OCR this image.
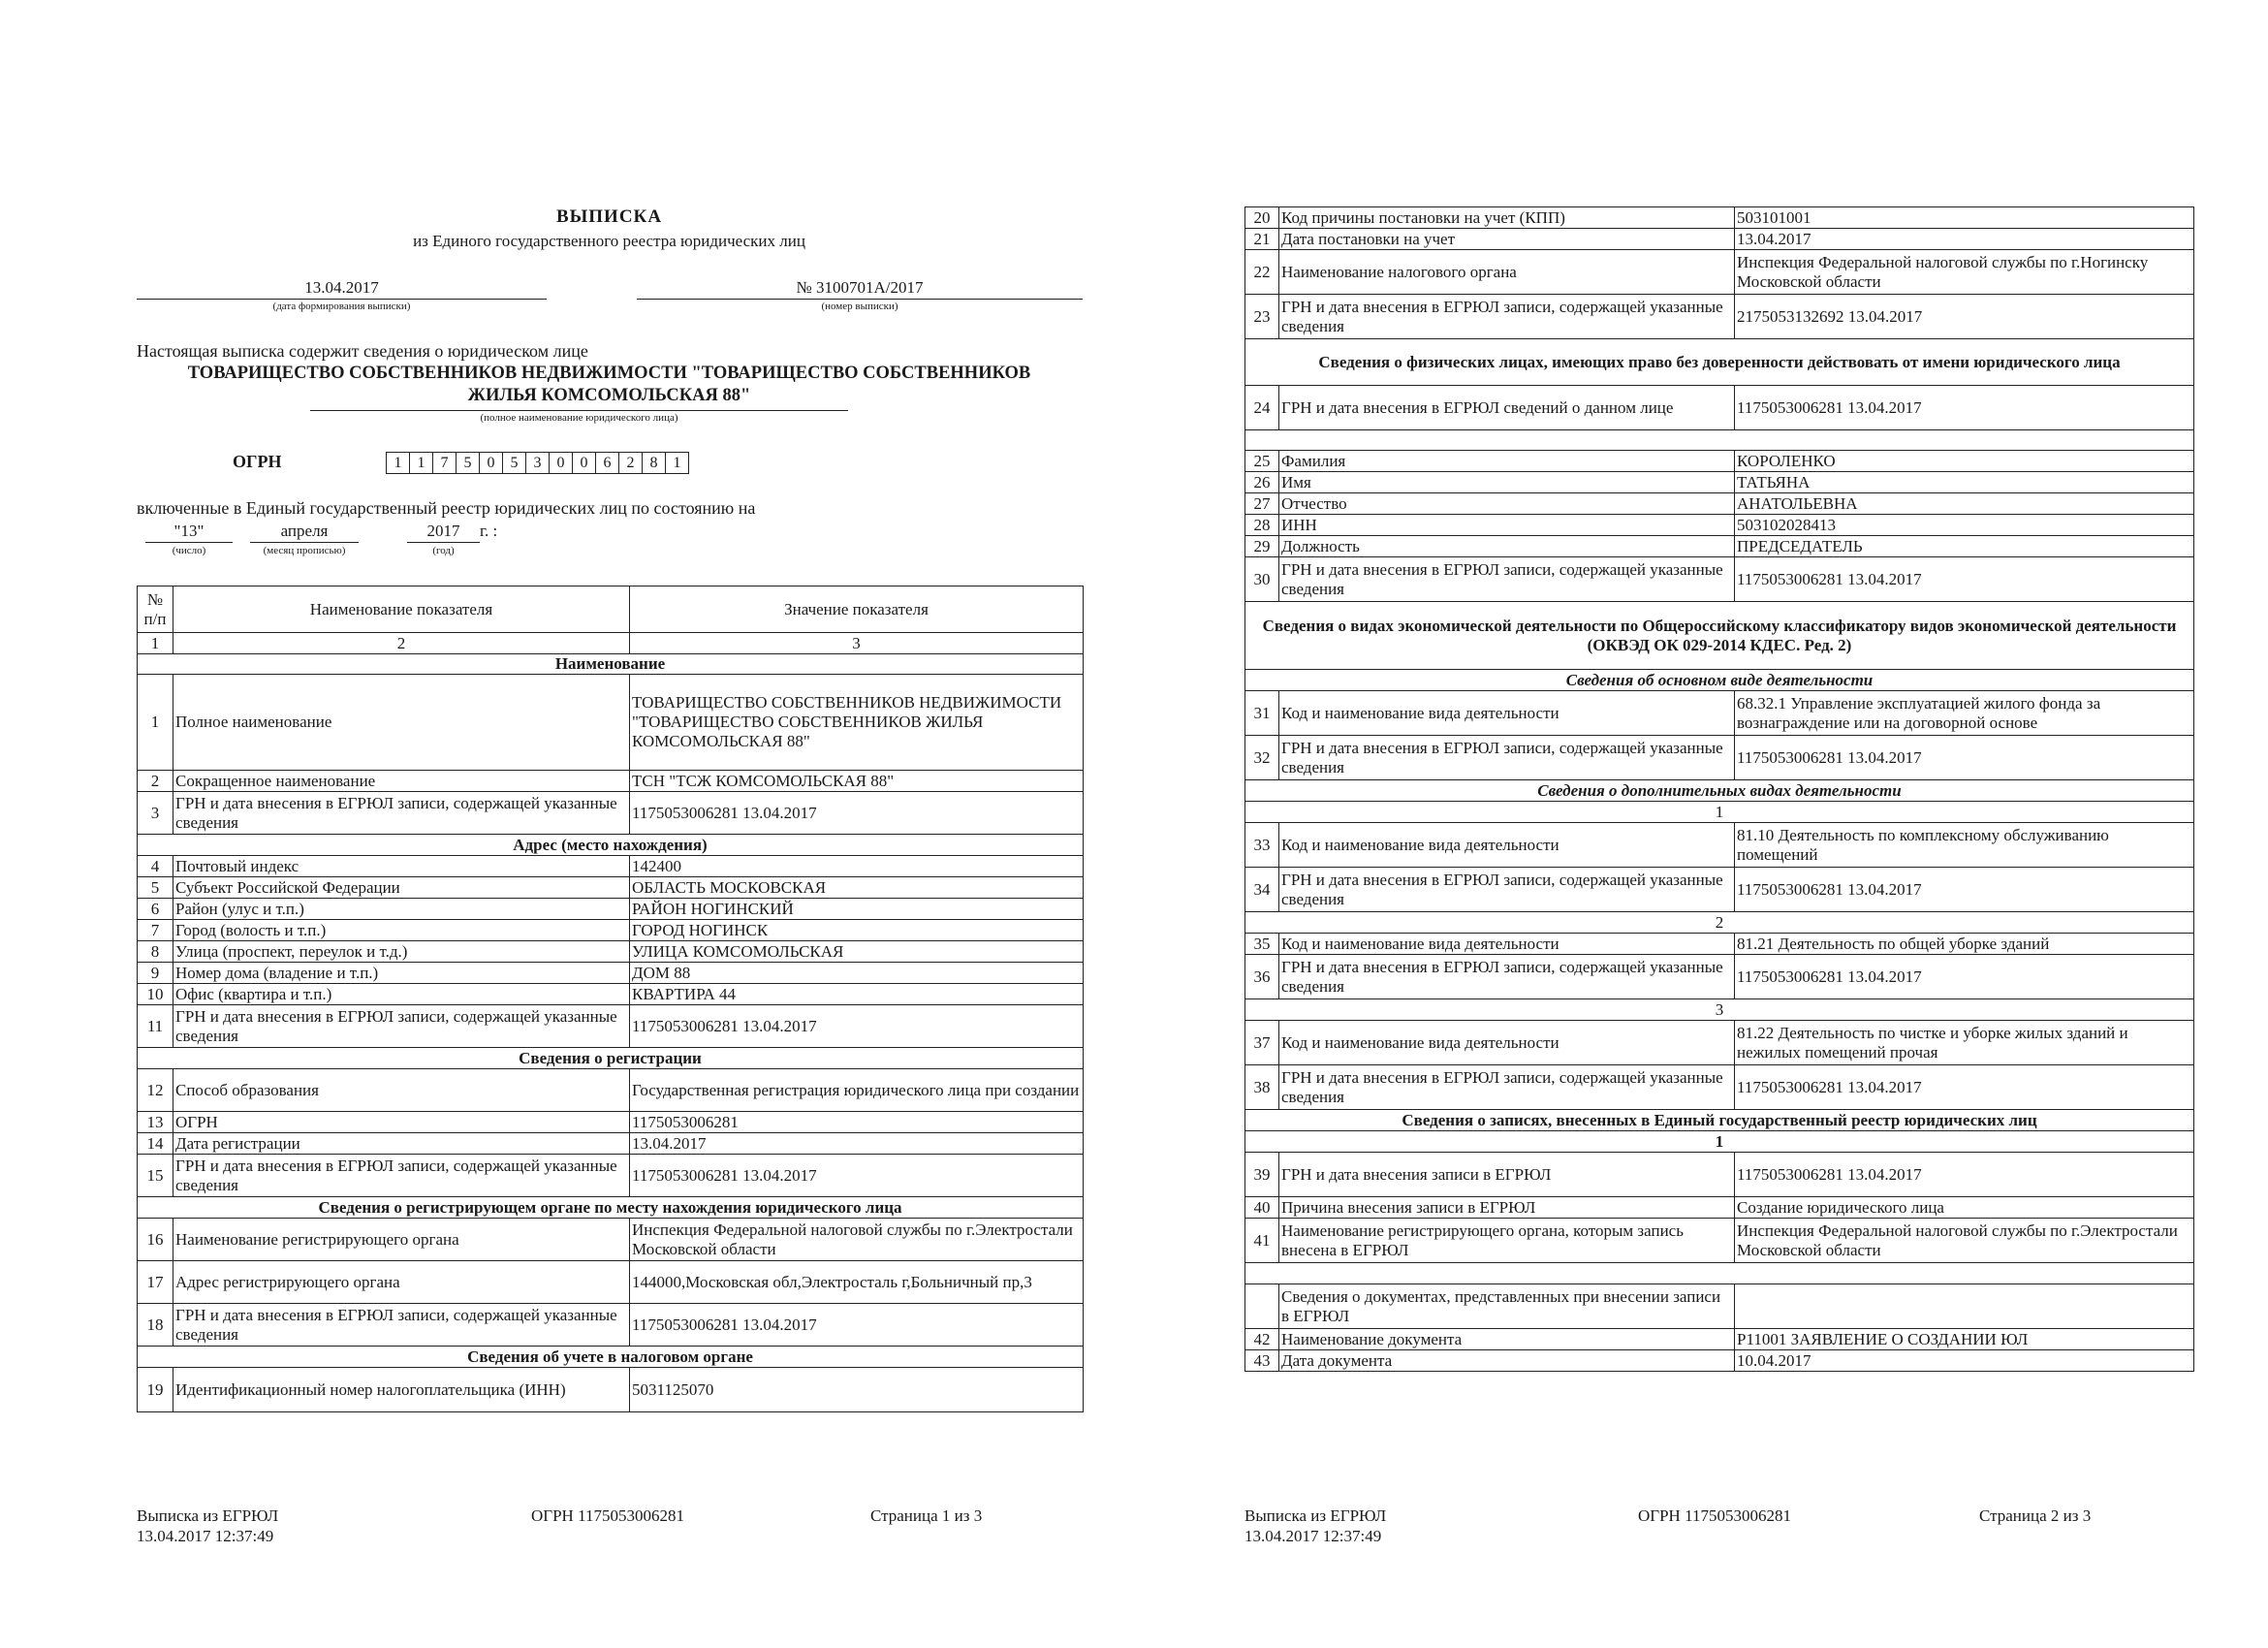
ВЫПИСКА
из Единого государственного реестра юридических лиц
13.04.2017
(дата формирования выписки)
№ 3100701А/2017
(номер выписки)
Настоящая выписка содержит сведения о юридическом лице
ТОВАРИЩЕСТВО СОБСТВЕННИКОВ НЕДВИЖИМОСТИ "ТОВАРИЩЕСТВО СОБСТВЕННИКОВ
ЖИЛЬЯ КОМСОМОЛЬСКАЯ 88"
(полное наименование юридического лица)
ОГРН	1	1	7	5	0	5	3	0	0	6	2	8	1
включенные в Единый государственный реестр юридических лиц по состоянию на
"13"
(число)
апреля
(месяц прописью)
2017	г. :
(год)
№ п/п	Наименование показателя	Значение показателя
1	2	3
Наименование		
1	Полное наименование	ТОВАРИЩЕСТВО СОБСТВЕННИКОВ НЕДВИЖИМОСТИ "ТОВАРИЩЕСТВО СОБСТВЕННИКОВ ЖИЛЬЯ КОМСОМОЛЬСКАЯ 88"
2	Сокращенное наименование	ТСН "ТСЖ КОМСОМОЛЬСКАЯ 88"
3	ГРН и дата внесения в ЕГРЮЛ записи, содержащей указанные сведения	1175053006281 13.04.2017
Адрес (место нахождения)		
4	Почтовый индекс	142400
5	Субъект Российской Федерации	ОБЛАСТЬ МОСКОВСКАЯ
6	Район (улус и т.п.)	РАЙОН НОГИНСКИЙ
7	Город (волость и т.п.)	ГОРОД НОГИНСК
8	Улица (проспект, переулок и т.д.)	УЛИЦА КОМСОМОЛЬСКАЯ
9	Номер дома (владение и т.п.)	ДОМ 88
10	Офис (квартира и т.п.)	КВАРТИРА 44
11	ГРН и дата внесения в ЕГРЮЛ записи, содержащей указанные сведения	1175053006281 13.04.2017
Сведения о регистрации		
12	Способ образования	Государственная регистрация юридического лица при создании
13	ОГРН	1175053006281
14	Дата регистрации	13.04.2017
15	ГРН и дата внесения в ЕГРЮЛ записи, содержащей указанные сведения	1175053006281 13.04.2017
Сведения о регистрирующем органе по месту нахождения юридического лица		
16	Наименование регистрирующего органа	Инспекция Федеральной налоговой службы по г.Электростали Московской области
17	Адрес регистрирующего органа	144000,Московская обл,Электросталь г,Больничный пр,3
18	ГРН и дата внесения в ЕГРЮЛ записи, содержащей указанные сведения	1175053006281 13.04.2017
Сведения об учете в налоговом органе		
19	Идентификационный номер налогоплательщика (ИНН)	5031125070
Выписка из ЕГРЮЛ
13.04.2017 12:37:49
ОГРН 1175053006281	Страница 1 из 3
20	Код причины постановки на учет (КПП)	503101001
21	Дата постановки на учет	13.04.2017
22	Наименование налогового органа	Инспекция Федеральной налоговой службы по г.Ногинску Московской области
23	ГРН и дата внесения в ЕГРЮЛ записи, содержащей указанные сведения	2175053132692 13.04.2017
Сведения о физических лицах, имеющих право без доверенности действовать от имени юридического лица		
24	ГРН и дата внесения в ЕГРЮЛ сведений о данном лице	1175053006281 13.04.2017

25	Фамилия	КОРОЛЕНКО
26	Имя	ТАТЬЯНА
27	Отчество	АНАТОЛЬЕВНА
28	ИНН	503102028413
29	Должность	ПРЕДСЕДАТЕЛЬ
30	ГРН и дата внесения в ЕГРЮЛ записи, содержащей указанные сведения	1175053006281 13.04.2017

Сведения о видах экономической деятельности по Общероссийскому классификатору видов экономической деятельности
(ОКВЭД ОК 029-2014 КДЕС. Ред. 2)		

Сведения об основном виде деятельности		
31	Код и наименование вида деятельности	68.32.1 Управление эксплуатацией жилого фонда за вознаграждение или на договорной основе
32	ГРН и дата внесения в ЕГРЮЛ записи, содержащей указанные сведения	1175053006281 13.04.2017
Сведения о дополнительных видах деятельности		
1		
33	Код и наименование вида деятельности	81.10 Деятельность по комплексному обслуживанию помещений
34	ГРН и дата внесения в ЕГРЮЛ записи, содержащей указанные сведения	1175053006281 13.04.2017
2		
35	Код и наименование вида деятельности	81.21 Деятельность по общей уборке зданий
36	ГРН и дата внесения в ЕГРЮЛ записи, содержащей указанные сведения	1175053006281 13.04.2017
3		
37	Код и наименование вида деятельности	81.22 Деятельность по чистке и уборке жилых зданий и нежилых помещений прочая
38	ГРН и дата внесения в ЕГРЮЛ записи, содержащей указанные сведения	1175053006281 13.04.2017
Сведения о записях, внесенных в Единый государственный реестр юридических лиц		
1		
39	ГРН и дата внесения записи в ЕГРЮЛ	1175053006281 13.04.2017
40	Причина внесения записи в ЕГРЮЛ	Создание юридического лица
41	Наименование регистрирующего органа, которым запись внесена в ЕГРЮЛ	Инспекция Федеральной налоговой службы по г.Электростали Московской области

	Сведения о документах, представленных при внесении записи в ЕГРЮЛ	
42	Наименование документа	Р11001 ЗАЯВЛЕНИЕ О СОЗДАНИИ ЮЛ
43	Дата документа	10.04.2017
Выписка из ЕГРЮЛ
13.04.2017 12:37:49
ОГРН 1175053006281	Страница 2 из 3
